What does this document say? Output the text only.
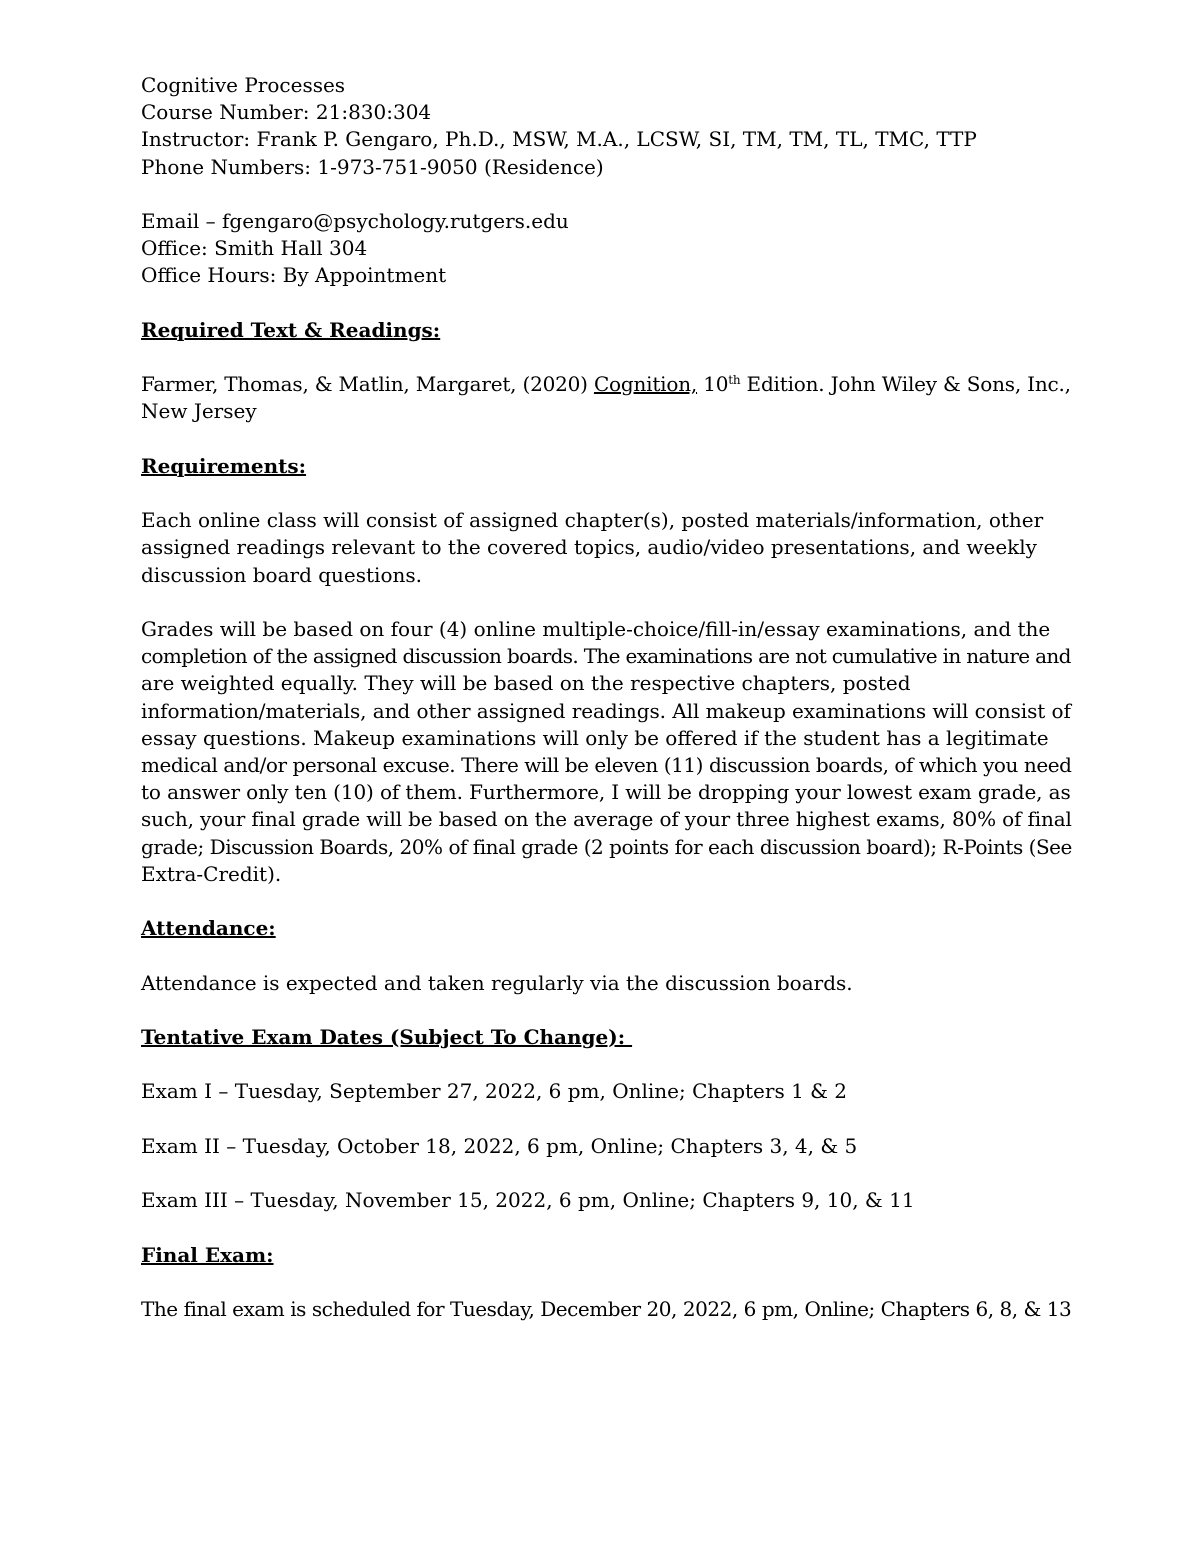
Cognitive Processes
Course Number: 21:830:304
Instructor: Frank P. Gengaro, Ph.D., MSW, M.A., LCSW, SI, TM, TM, TL, TMC, TTP
Phone Numbers: 1-973-751-9050 (Residence)
Email – fgengaro@psychology.rutgers.edu
Office: Smith Hall 304
Office Hours: By Appointment
Required Text & Readings:
Farmer, Thomas, & Matlin, Margaret, (2020) Cognition, 10th Edition. John Wiley & Sons, Inc.,
New Jersey
Requirements:
Each online class will consist of assigned chapter(s), posted materials/information, other
assigned readings relevant to the covered topics, audio/video presentations, and weekly
discussion board questions.
Grades will be based on four (4) online multiple-choice/fill-in/essay examinations, and the
completion of the assigned discussion boards. The examinations are not cumulative in nature and
are weighted equally. They will be based on the respective chapters, posted
information/materials, and other assigned readings. All makeup examinations will consist of
essay questions. Makeup examinations will only be offered if the student has a legitimate
medical and/or personal excuse. There will be eleven (11) discussion boards, of which you need
to answer only ten (10) of them. Furthermore, I will be dropping your lowest exam grade, as
such, your final grade will be based on the average of your three highest exams, 80% of final
grade; Discussion Boards, 20% of final grade (2 points for each discussion board); R-Points (See
Extra-Credit).
Attendance:
Attendance is expected and taken regularly via the discussion boards.
Tentative Exam Dates (Subject To Change):
Exam I – Tuesday, September 27, 2022, 6 pm, Online; Chapters 1 & 2
Exam II – Tuesday, October 18, 2022, 6 pm, Online; Chapters 3, 4, & 5
Exam III – Tuesday, November 15, 2022, 6 pm, Online; Chapters 9, 10, & 11
Final Exam:
The final exam is scheduled for Tuesday, December 20, 2022, 6 pm, Online; Chapters 6, 8, & 13
